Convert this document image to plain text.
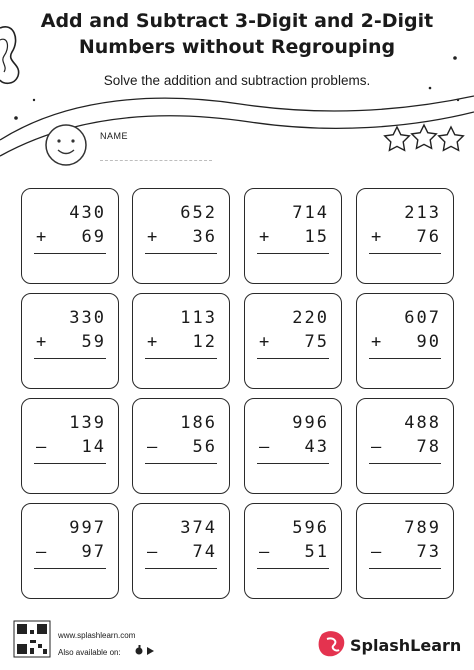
Add and Subtract 3-Digit and 2-Digit
Numbers without Regrouping

Solve the addition and subtraction problems.

NAME
430
+ 69
652
+ 36
714
+ 15
213
+ 76
330
+ 59
113
+ 12
220
+ 75
607
+ 90
139
– 14
186
– 56
996
– 43
488
– 78
997
– 97
374
– 74
596
– 51
789
– 73
www.splashlearn.com
Also available on:	SplashLearn
